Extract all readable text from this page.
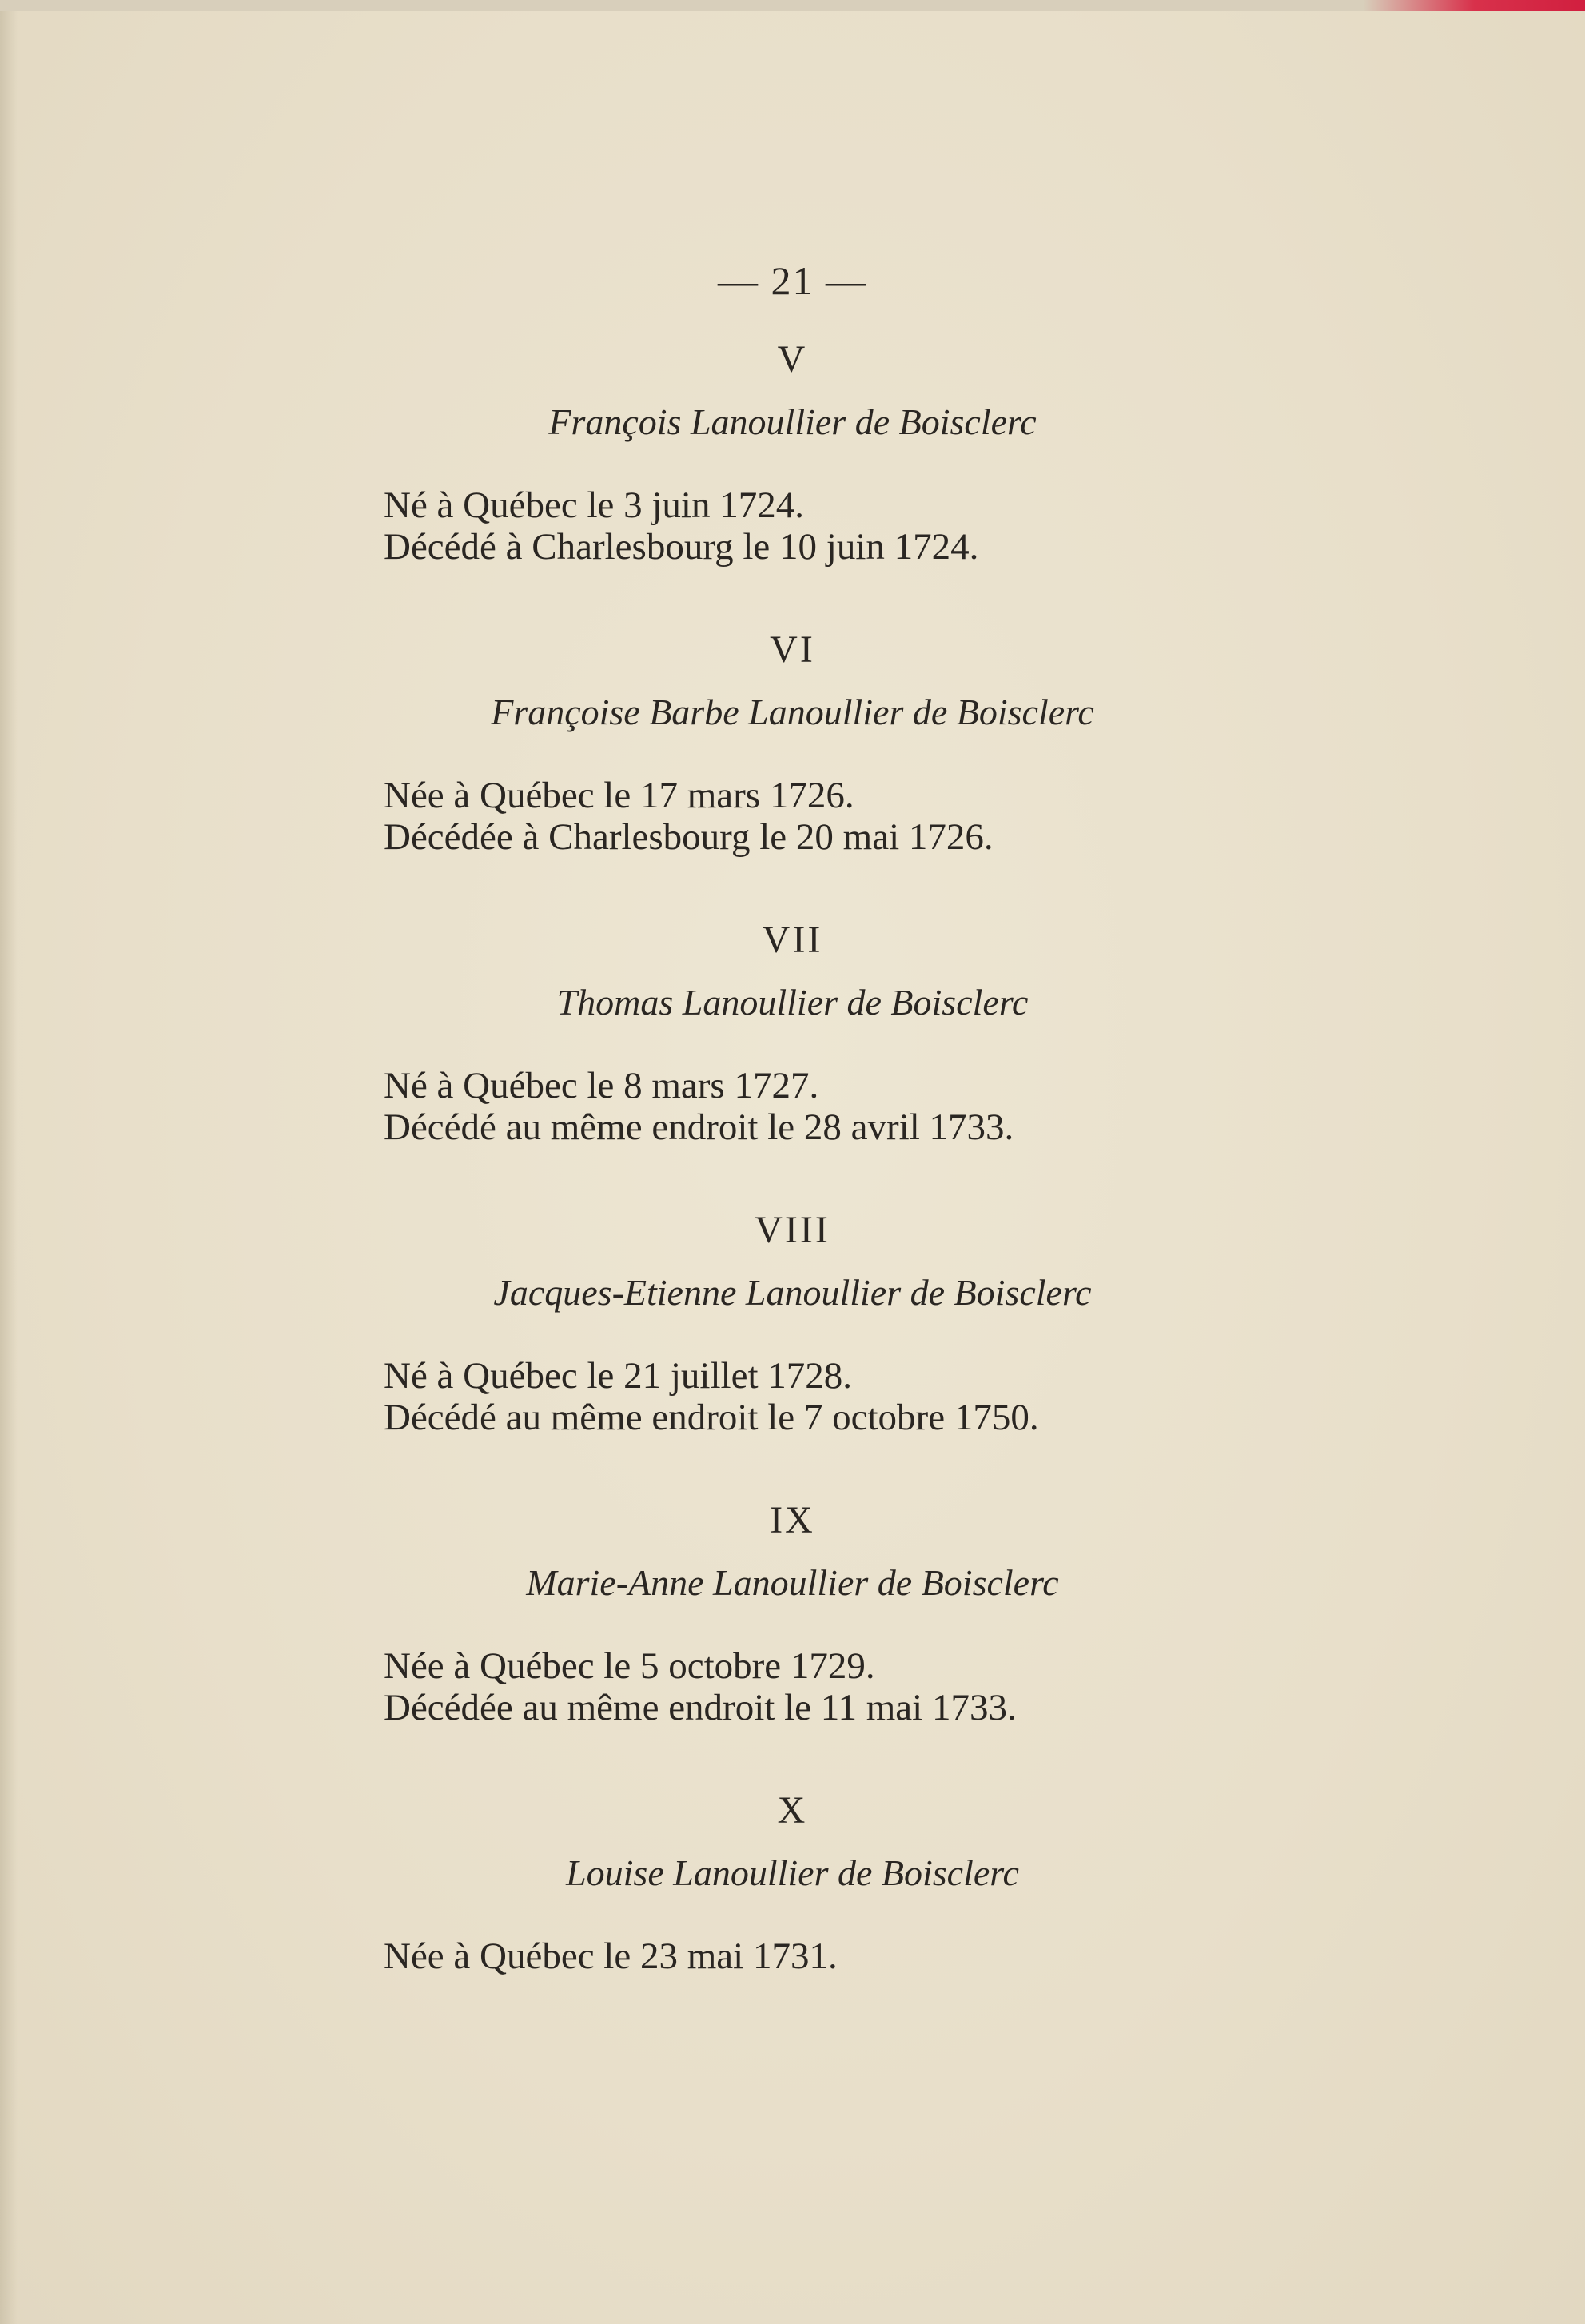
— 21 —
V
François Lanoullier de Boisclerc
Né à Québec le 3 juin 1724.
Décédé à Charlesbourg le 10 juin 1724.
VI
Françoise Barbe Lanoullier de Boisclerc
Née à Québec le 17 mars 1726.
Décédée à Charlesbourg le 20 mai 1726.
VII
Thomas Lanoullier de Boisclerc
Né à Québec le 8 mars 1727.
Décédé au même endroit le 28 avril 1733.
VIII
Jacques-Etienne Lanoullier de Boisclerc
Né à Québec le 21 juillet 1728.
Décédé au même endroit le 7 octobre 1750.
IX
Marie-Anne Lanoullier de Boisclerc
Née à Québec le 5 octobre 1729.
Décédée au même endroit le 11 mai 1733.
X
Louise Lanoullier de Boisclerc
Née à Québec le 23 mai 1731.
